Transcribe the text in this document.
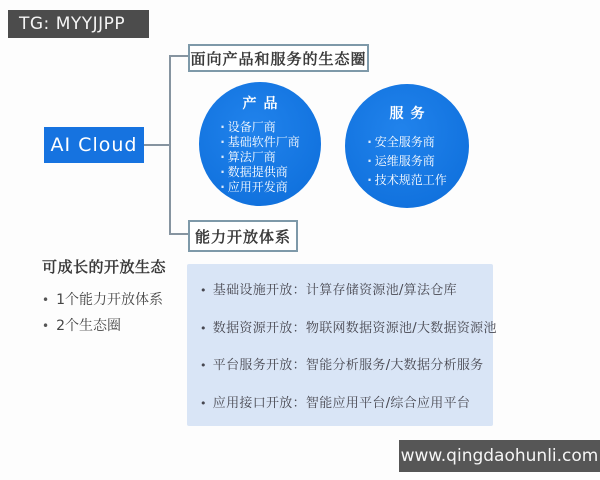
TG: MYYJJPP
AI Cloud
面向产品和服务的生态圈
能力开放体系
产品
· 设备厂商
· 基础软件厂商
· 算法厂商
· 数据提供商
· 应用开发商
服务
· 安全服务商
· 运维服务商
· 技术规范工作
可成长的开放生态
• 1个能力开放体系
• 2个生态圈
• 基础设施开放：计算存储资源池/算法仓库
• 数据资源开放：物联网数据资源池/大数据资源池
• 平台服务开放：智能分析服务/大数据分析服务
• 应用接口开放：智能应用平台/综合应用平台
www.qingdaohunli.com
